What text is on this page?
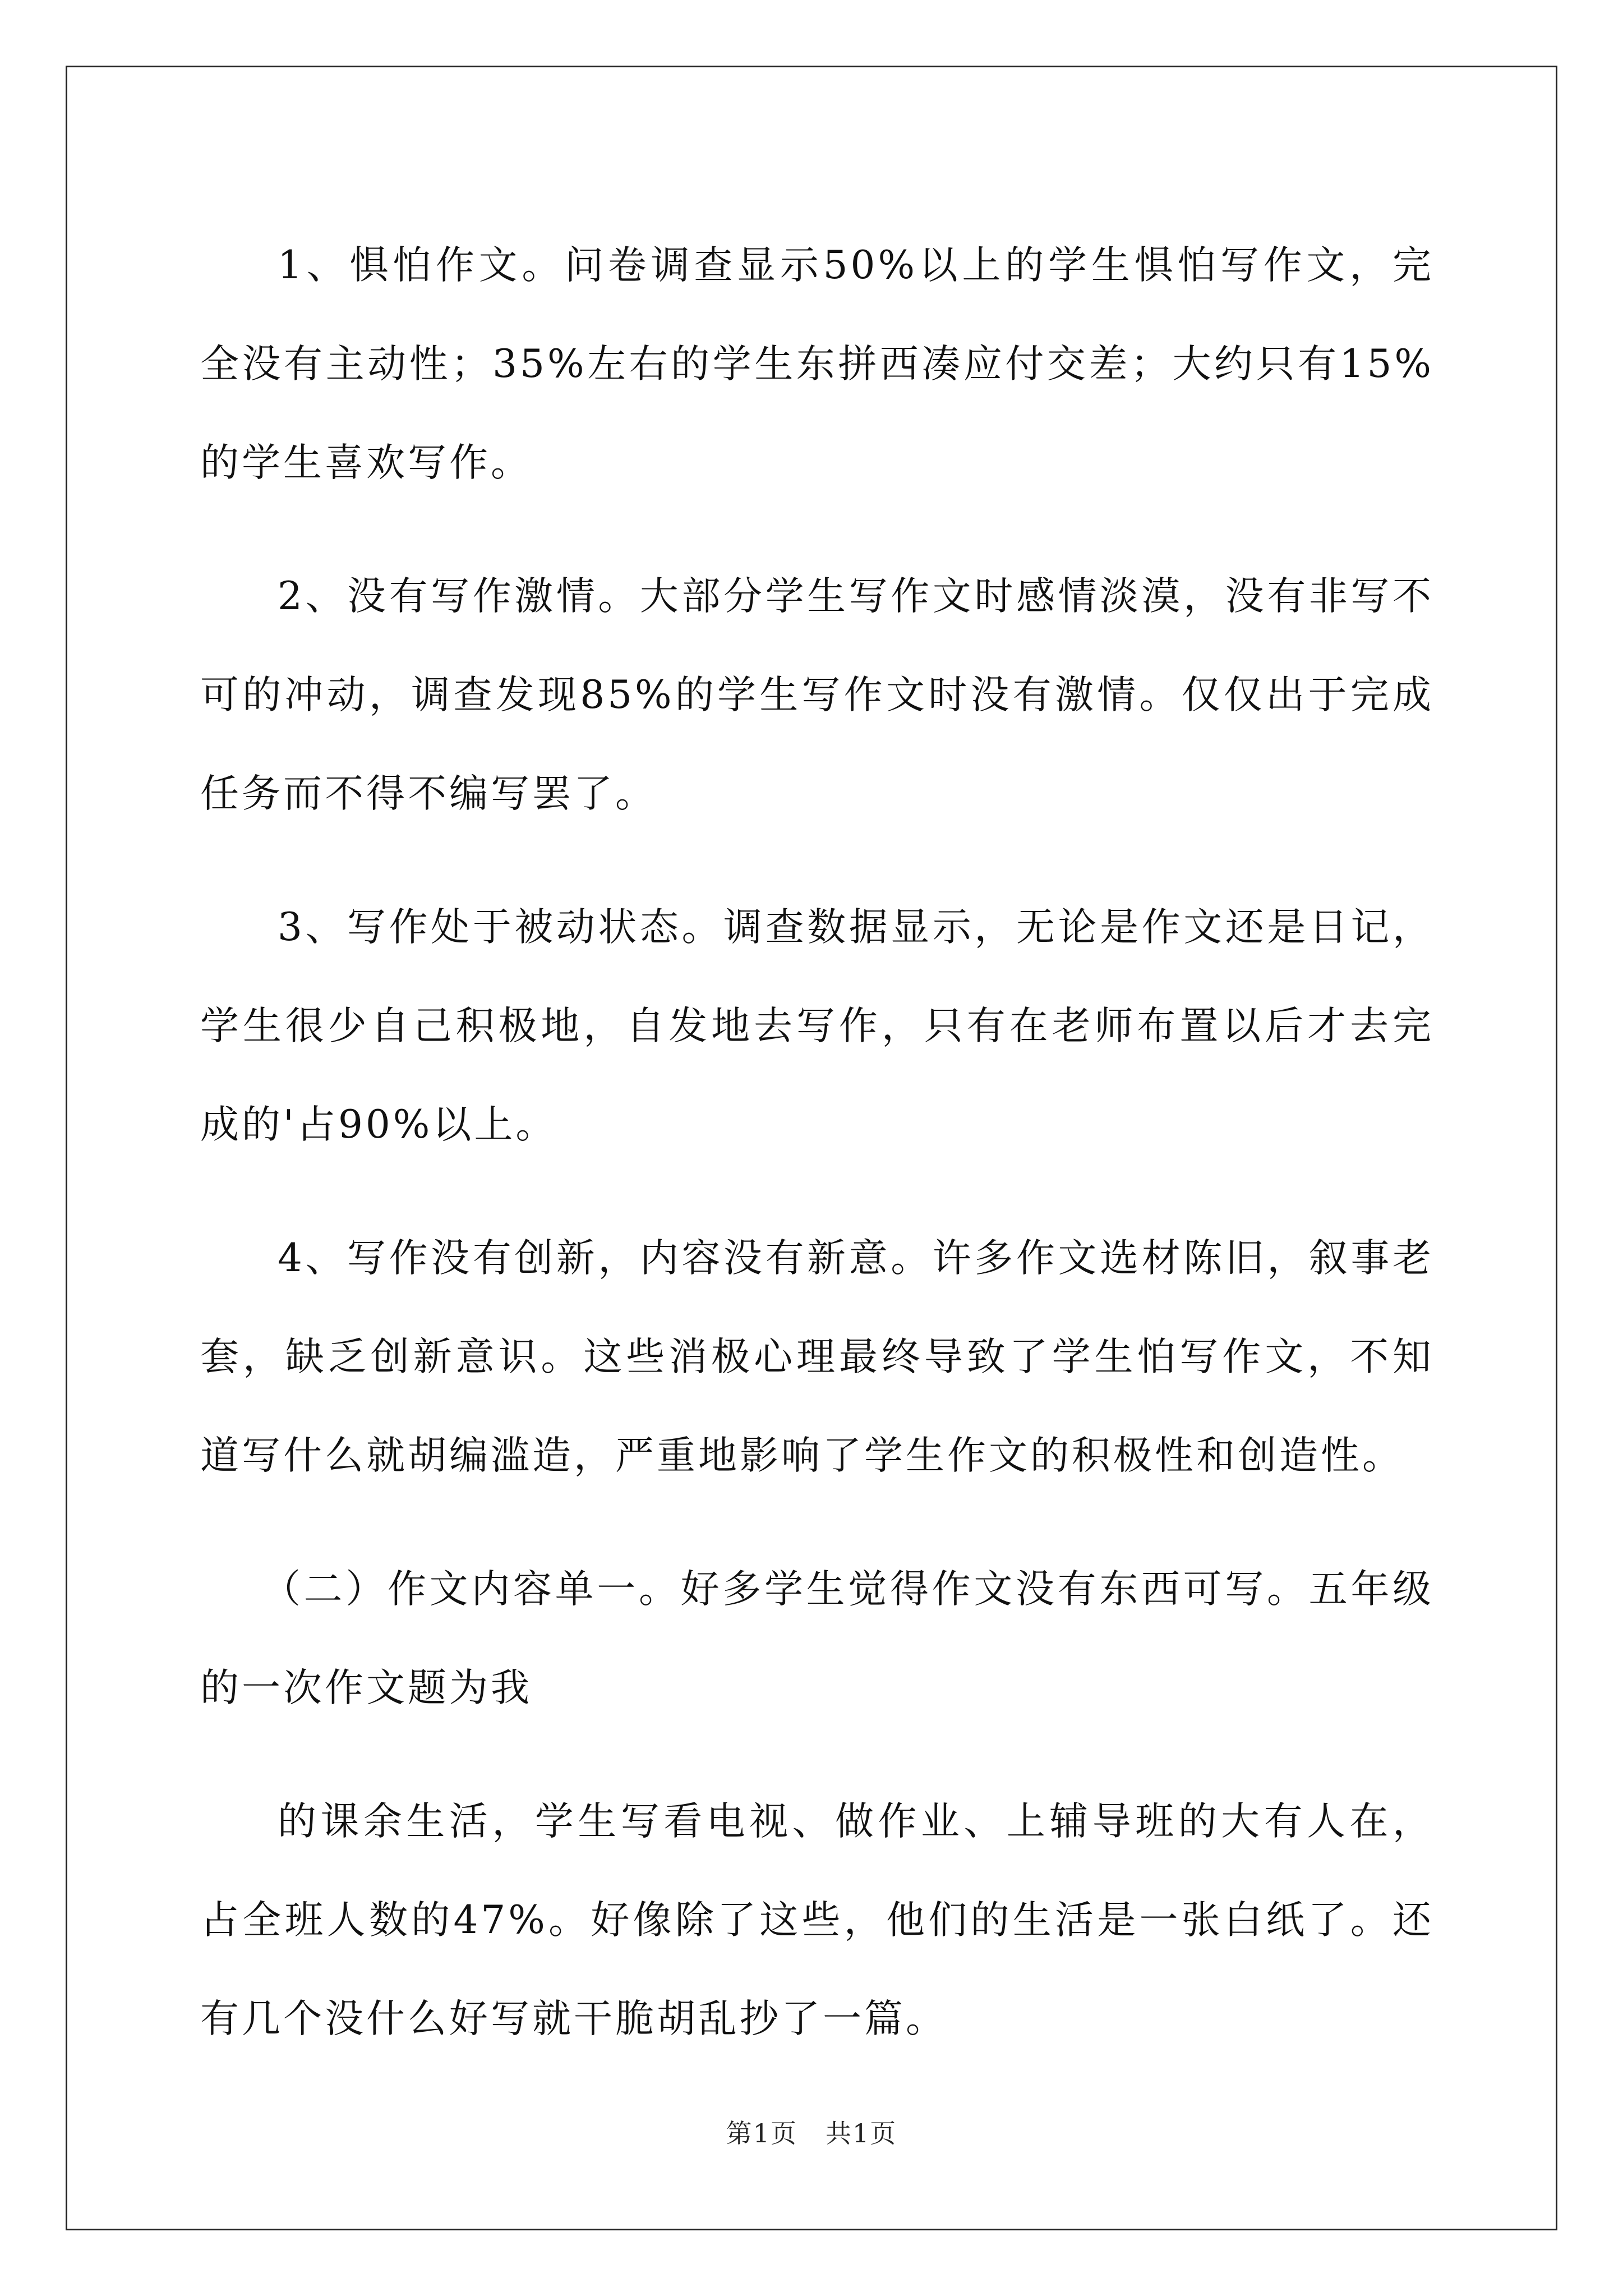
1、惧怕作文。问卷调查显示50%以上的学生惧怕写作文，完全没有主动性；35%左右的学生东拼西凑应付交差；大约只有15%的学生喜欢写作。

2、没有写作激情。大部分学生写作文时感情淡漠，没有非写不可的冲动，调查发现85%的学生写作文时没有激情。仅仅出于完成任务而不得不编写罢了。

3、写作处于被动状态。调查数据显示，无论是作文还是日记，学生很少自己积极地，自发地去写作，只有在老师布置以后才去完成的'占90%以上。

4、写作没有创新，内容没有新意。许多作文选材陈旧，叙事老套，缺乏创新意识。这些消极心理最终导致了学生怕写作文，不知道写什么就胡编滥造，严重地影响了学生作文的积极性和创造性。

（二）作文内容单一。好多学生觉得作文没有东西可写。五年级的一次作文题为我

的课余生活，学生写看电视、做作业、上辅导班的大有人在，占全班人数的47%。好像除了这些，他们的生活是一张白纸了。还有几个没什么好写就干脆胡乱抄了一篇。

第1页 共1页
